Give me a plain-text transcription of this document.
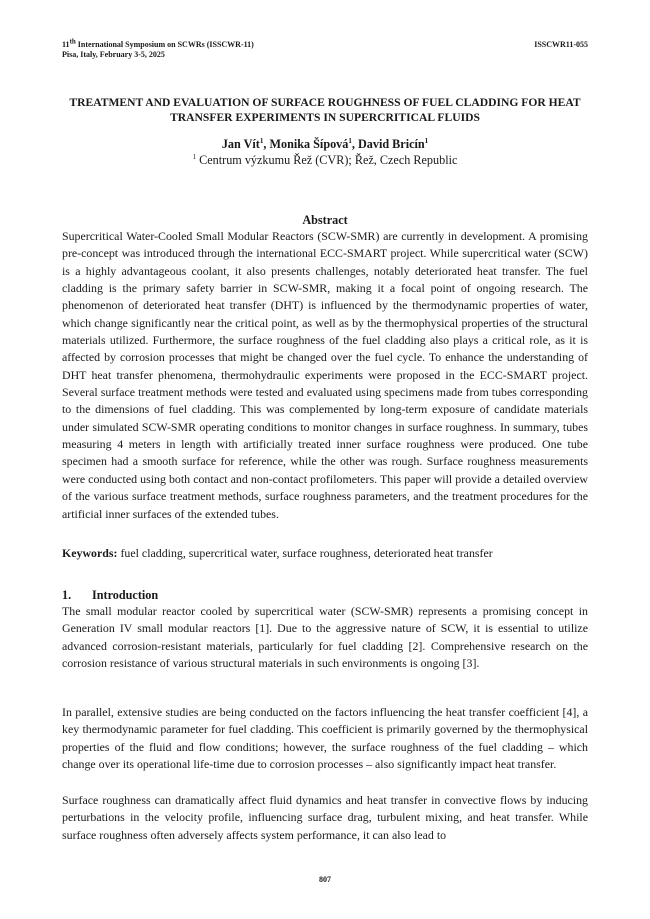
11th International Symposium on SCWRs (ISSCWR-11)
Pisa, Italy, February 3-5, 2025
ISSCWR11-055
TREATMENT AND EVALUATION OF SURFACE ROUGHNESS OF FUEL CLADDING FOR HEAT TRANSFER EXPERIMENTS IN SUPERCRITICAL FLUIDS
Jan Vít$^1$, Monika Šípová$^1$, David Bricín$^1$
$^1$ Centrum výzkumu Řež (CVR); Řež, Czech Republic
Abstract

Supercritical Water-Cooled Small Modular Reactors (SCW-SMR) are currently in development. A promising pre-concept was introduced through the international ECC-SMART project. While supercritical water (SCW) is a highly advantageous coolant, it also presents challenges, notably deteriorated heat transfer. The fuel cladding is the primary safety barrier in SCW-SMR, making it a focal point of ongoing research. The phenomenon of deteriorated heat transfer (DHT) is influenced by the thermodynamic properties of water, which change significantly near the critical point, as well as by the thermophysical properties of the structural materials utilized. Furthermore, the surface roughness of the fuel cladding also plays a critical role, as it is affected by corrosion processes that might be changed over the fuel cycle. To enhance the understanding of DHT heat transfer phenomena, thermohydraulic experiments were proposed in the ECC-SMART project. Several surface treatment methods were tested and evaluated using specimens made from tubes corresponding to the dimensions of fuel cladding. This was complemented by long-term exposure of candidate materials under simulated SCW-SMR operating conditions to monitor changes in surface roughness. In summary, tubes measuring 4 meters in length with artificially treated inner surface roughness were produced. One tube specimen had a smooth surface for reference, while the other was rough. Surface roughness measurements were conducted using both contact and non-contact profilometers. This paper will provide a detailed overview of the various surface treatment methods, surface roughness parameters, and the treatment procedures for the artificial inner surfaces of the extended tubes.

Keywords: fuel cladding, supercritical water, surface roughness, deteriorated heat transfer

1. Introduction

The small modular reactor cooled by supercritical water (SCW-SMR) represents a promising concept in Generation IV small modular reactors [1]. Due to the aggressive nature of SCW, it is essential to utilize advanced corrosion-resistant materials, particularly for fuel cladding [2]. Comprehensive research on the corrosion resistance of various structural materials in such environments is ongoing [3].

In parallel, extensive studies are being conducted on the factors influencing the heat transfer coefficient [4], a key thermodynamic parameter for fuel cladding. This coefficient is primarily governed by the thermophysical properties of the fluid and flow conditions; however, the surface roughness of the fuel cladding – which change over its operational life-time due to corrosion processes – also significantly impact heat transfer.

Surface roughness can dramatically affect fluid dynamics and heat transfer in convective flows by inducing perturbations in the velocity profile, influencing surface drag, turbulent mixing, and heat transfer. While surface roughness often adversely affects system performance, it can also lead to

807
